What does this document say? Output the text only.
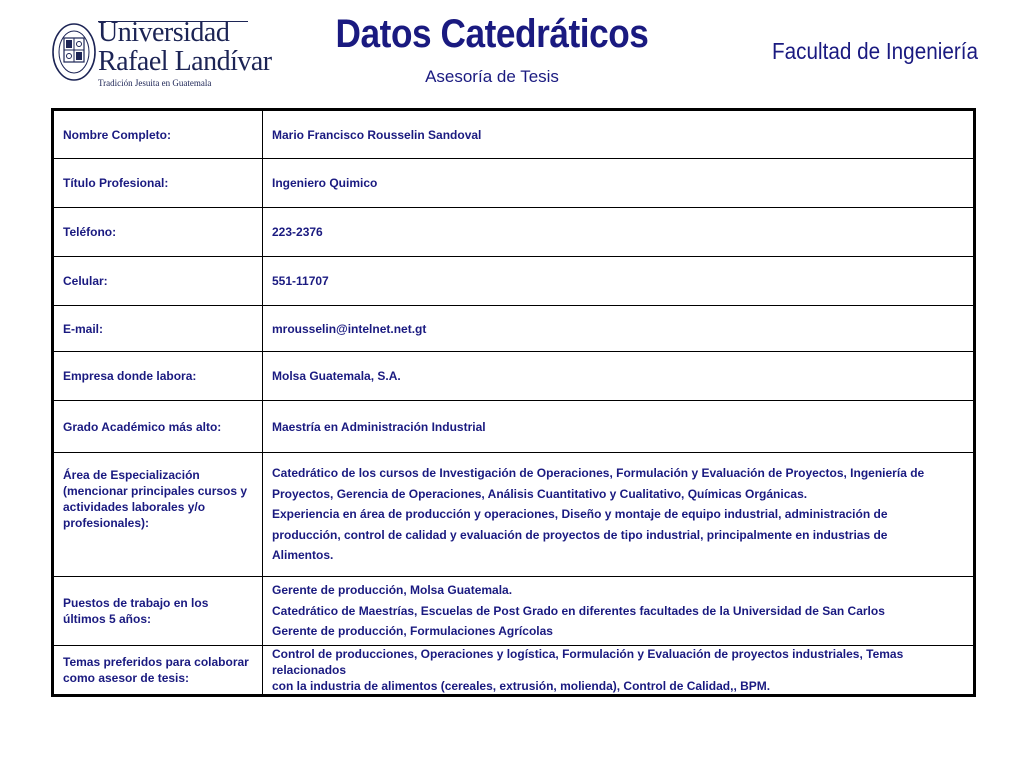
Universidad
Rafael Landívar
Tradición Jesuita en Guatemala
Datos Catedráticos
Asesoría de Tesis
Facultad de Ingeniería
Nombre Completo:	Mario Francisco Rousselin Sandoval
Título Profesional:	Ingeniero Quimico
Teléfono:	223-2376
Celular:	551-11707
E-mail:	mrousselin@intelnet.net.gt
Empresa donde labora:	Molsa Guatemala, S.A.
Grado Académico más alto:	Maestría en Administración Industrial
Área de Especialización (mencionar principales cursos y actividades laborales y/o profesionales):	Catedrático de los cursos de Investigación de Operaciones, Formulación y Evaluación de Proyectos, Ingeniería de
Proyectos, Gerencia de Operaciones, Análisis Cuantitativo y Cualitativo, Químicas Orgánicas.
Experiencia en área de producción y operaciones, Diseño y montaje de equipo industrial, administración de
producción, control de calidad y evaluación de proyectos de tipo industrial, principalmente en industrias de
Alimentos.

Puestos de trabajo en los últimos 5 años:	Gerente de producción, Molsa Guatemala.
Catedrático de Maestrías, Escuelas de Post Grado en diferentes facultades de la Universidad de San Carlos
Gerente de producción, Formulaciones Agrícolas

Temas preferidos para colaborar como asesor de tesis:	Control de producciones, Operaciones y logística, Formulación y Evaluación de proyectos industriales, Temas relacionados
con la industria de alimentos (cereales, extrusión, molienda), Control de Calidad,, BPM.
